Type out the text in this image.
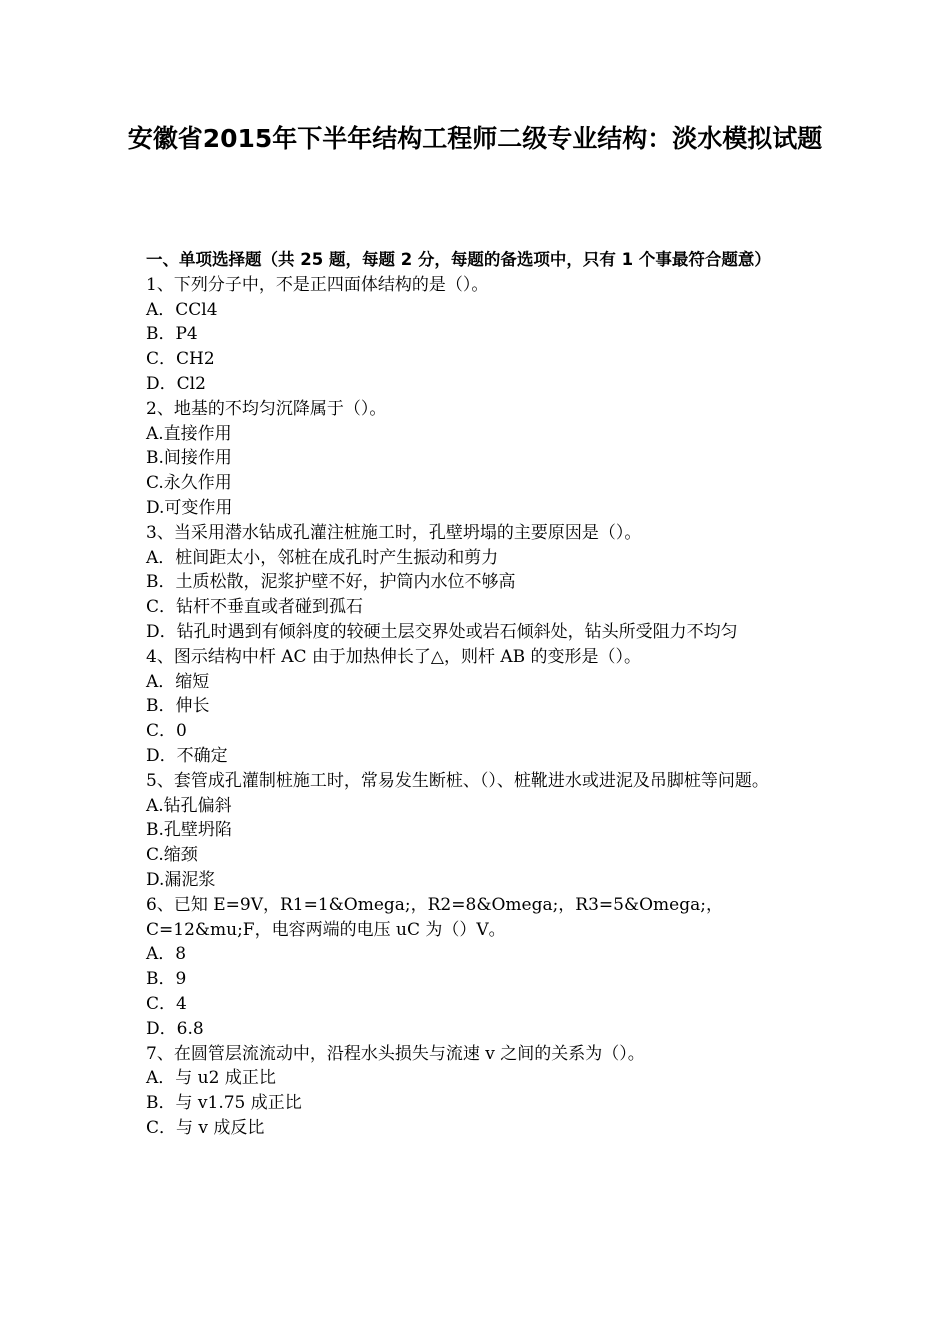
安徽省2015年下半年结构工程师二级专业结构：淡水模拟试题

一、单项选择题（共 25 题，每题 2 分，每题的备选项中，只有 1 个事最符合题意）

1、下列分子中，不是正四面体结构的是（）。

A．CCl4

B．P4

C．CH2

D．Cl2

2、地基的不均匀沉降属于（）。

A.直接作用

B.间接作用

C.永久作用

D.可变作用

3、当采用潜水钻成孔灌注桩施工时，孔壁坍塌的主要原因是（）。

A．桩间距太小，邻桩在成孔时产生振动和剪力

B．土质松散，泥浆护壁不好，护筒内水位不够高

C．钻杆不垂直或者碰到孤石

D．钻孔时遇到有倾斜度的较硬土层交界处或岩石倾斜处，钻头所受阻力不均匀

4、图示结构中杆 AC 由于加热伸长了△，则杆 AB 的变形是（）。

A．缩短

B．伸长

C．0

D．不确定

5、套管成孔灌制桩施工时，常易发生断桩、（）、桩靴进水或进泥及吊脚桩等问题。

A.钻孔偏斜

B.孔壁坍陷

C.缩颈

D.漏泥浆

6、已知 E=9V，R1=1&Omega;，R2=8&Omega;，R3=5&Omega;，C=12&mu;F，电容两端的电压 uC 为（）V。

A．8

B．9

C．4

D．6.8

7、在圆管层流流动中，沿程水头损失与流速 v 之间的关系为（）。

A．与 u2 成正比

B．与 v1.75 成正比

C．与 v 成反比
